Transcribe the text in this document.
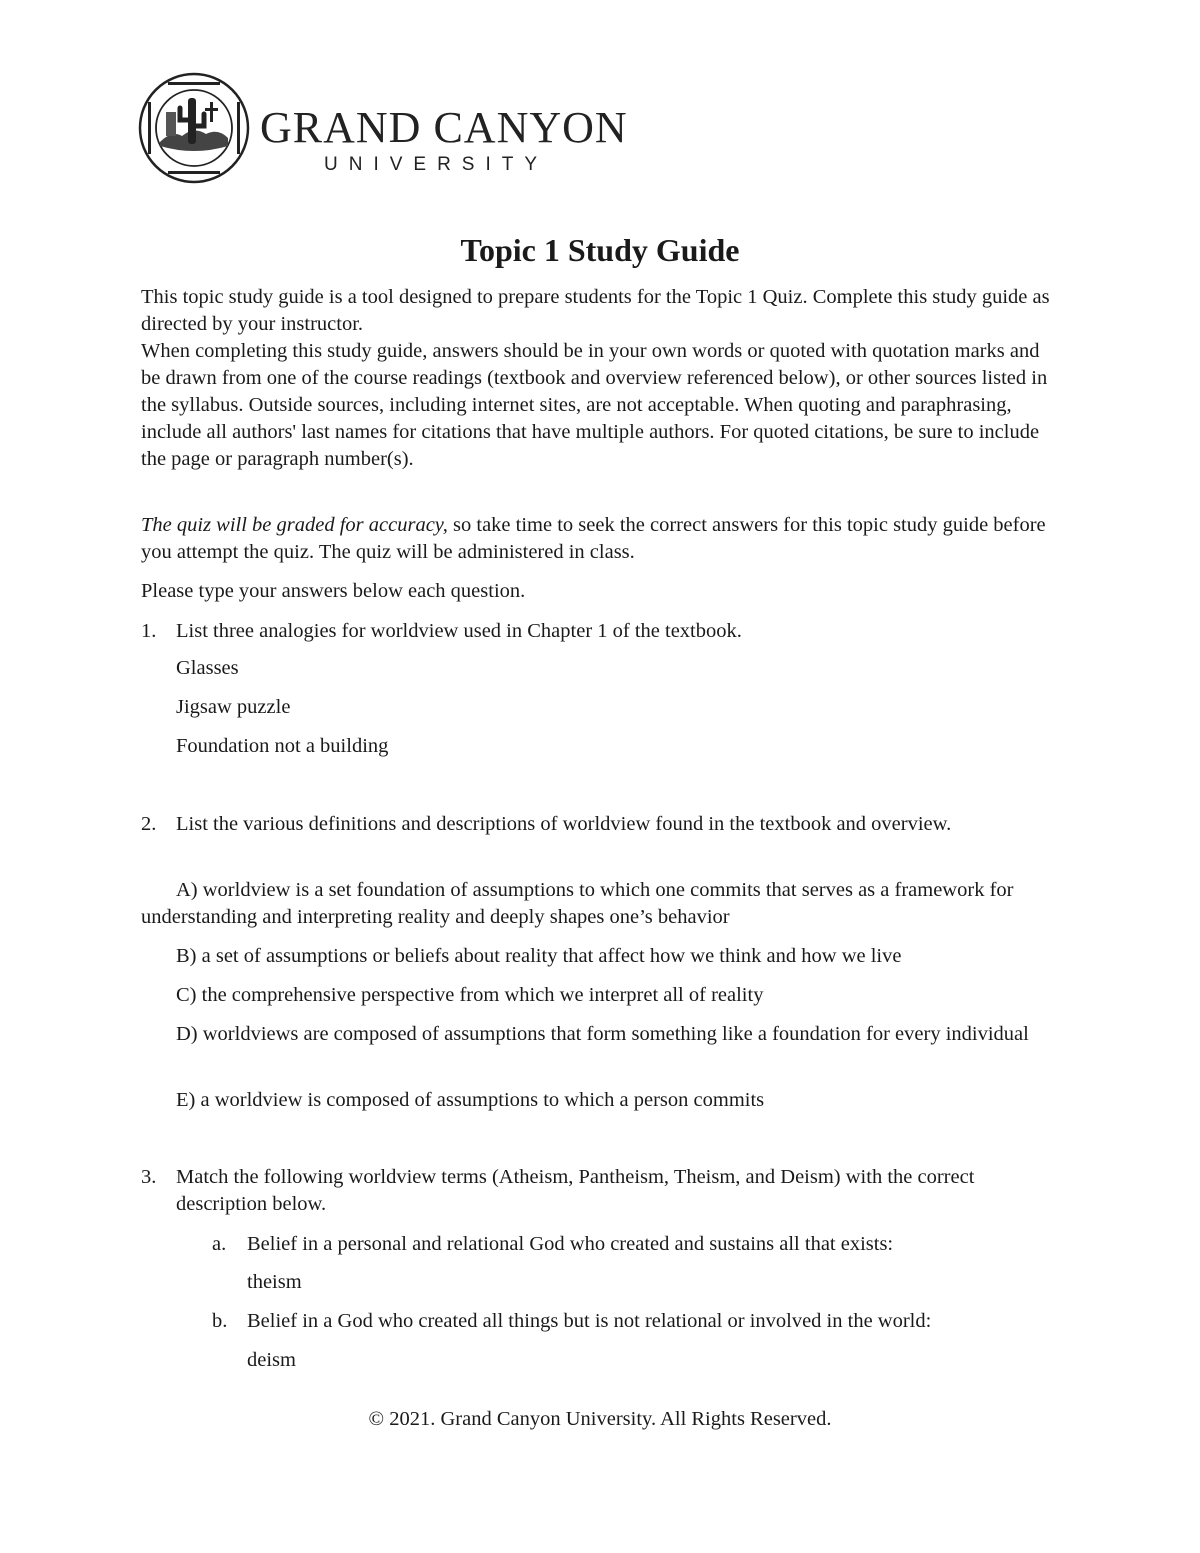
GRAND CANYON
UNIVERSITY
Topic 1 Study Guide

This topic study guide is a tool designed to prepare students for the Topic 1 Quiz. Complete this study guide as directed by your instructor.

When completing this study guide, answers should be in your own words or quoted with quotation marks and be drawn from one of the course readings (textbook and overview referenced below), or other sources listed in the syllabus. Outside sources, including internet sites, are not acceptable. When quoting and paraphrasing, include all authors' last names for citations that have multiple authors. For quoted citations, be sure to include the page or paragraph number(s).

The quiz will be graded for accuracy, so take time to seek the correct answers for this topic study guide before you attempt the quiz. The quiz will be administered in class.

Please type your answers below each question.

1. List three analogies for worldview used in Chapter 1 of the textbook.

Glasses

Jigsaw puzzle

Foundation not a building

2. List the various definitions and descriptions of worldview found in the textbook and overview.

A) worldview is a set foundation of assumptions to which one commits that serves as a framework for understanding and interpreting reality and deeply shapes one’s behavior

B) a set of assumptions or beliefs about reality that affect how we think and how we live

C) the comprehensive perspective from which we interpret all of reality

D) worldviews are composed of assumptions that form something like a foundation for every individual

E) a worldview is composed of assumptions to which a person commits

3. Match the following worldview terms (Atheism, Pantheism, Theism, and Deism) with the correct description below.

a. Belief in a personal and relational God who created and sustains all that exists:

theism

b. Belief in a God who created all things but is not relational or involved in the world:

deism

© 2021. Grand Canyon University. All Rights Reserved.
